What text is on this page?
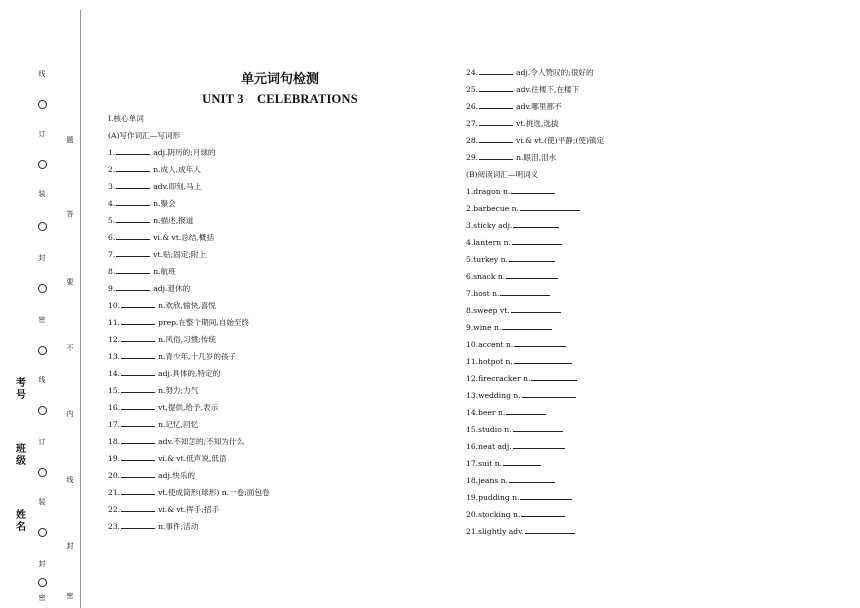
线
订
装
封
密
线
订
装
封
密
考号
班级
姓名
题
答
要
不
内
线
封
密
单元词句检测
UNIT 3    CELEBRATIONS
Ⅰ.核心单词
(A)写作词汇—写词形
1.	adj.阴历的;月球的
2.	n.成人,成年人
3.	adv.即刻,马上
4.	n.聚会
5.	n.描述,报道
6.	vi.& vt.总结,概括
7.	vt.贴;固定;附上
8.	n.航班
9.	adj.退休的
10.	n.欢欣,愉快,喜悦
11.	prep.在整个期间,自始至终
12.	n.风俗,习惯;传统
13.	n.青少年,十几岁的孩子
14.	adj.具体的,特定的
15.	n.努力;力气
16.	vt.提供,给予,表示
17.	n.记忆,回忆
18.	adv.不知怎的;不知为什么
19.	vi.& vt.低声说,低语
20.	adj.快乐的
21.	vt.使成筒形(球形) n.一卷;面包卷
22.	vi.& vt.挥手;招手
23.	n.事件;活动
24.	adj.令人赞叹的;很好的
25.	adv.往楼下,在楼下
26.	adv.哪里都不
27.	vt.挑选,选拔
28.	vi.& vt.(使)平静;(使)镇定
29.	n.眼泪,泪水
(B)阅读词汇—明词义
1.dragon n.
2.barbecue n.
3.sticky adj.
4.lantern n.
5.turkey n.
6.snack n.
7.host n.
8.sweep vt.
9.wine n.
10.accent n.
11.hotpot n.
12.firecracker n.
13.wedding n.
14.beer n.
15.studio n.
16.neat adj.
17.suit n.
18.jeans n.
19.pudding n.
20.stocking n.
21.slightly adv.
